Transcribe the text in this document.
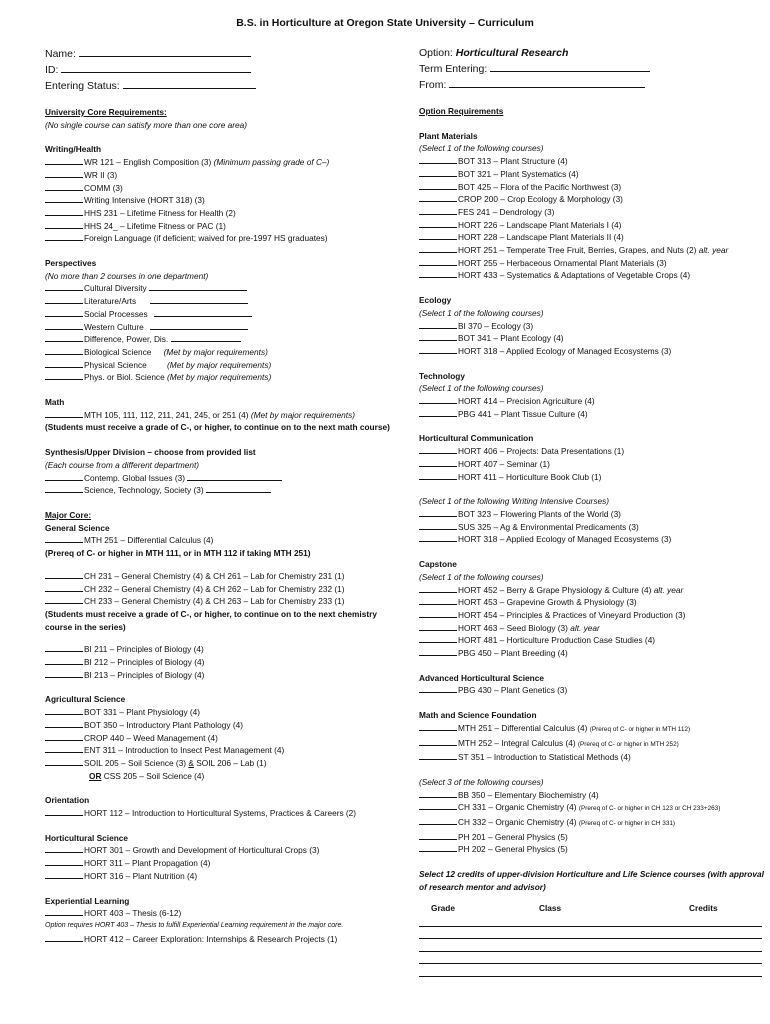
B.S. in Horticulture at Oregon State University – Curriculum
Name:
ID:
Entering Status:
University Core Requirements:
(No single course can satisfy more than one core area)
Writing/Health
WR 121 – English Composition (3) (Minimum passing grade of C–)
WR II (3)
COMM (3)
Writing Intensive (HORT 318) (3)
HHS 231 – Lifetime Fitness for Health (2)
HHS 24_ – Lifetime Fitness or PAC (1)
Foreign Language (if deficient; waived for pre-1997 HS graduates)
Perspectives
(No more than 2 courses in one department)
Cultural Diversity
Literature/Arts
Social Processes
Western Culture
Difference, Power, Dis.
Biological Science (Met by major requirements)
Physical Science (Met by major requirements)
Phys. or Biol. Science (Met by major requirements)
Math
MTH 105, 111, 112, 211, 241, 245, or 251 (4) (Met by major requirements)
(Students must receive a grade of C-, or higher, to continue on to the next math course)
Synthesis/Upper Division – choose from provided list
(Each course from a different department)
Contemp. Global Issues (3)
Science, Technology, Society (3)
Major Core:
General Science
MTH 251 – Differential Calculus (4)
(Prereq of C- or higher in MTH 111, or in MTH 112 if taking MTH 251)
CH 231 – General Chemistry (4) & CH 261 – Lab for Chemistry 231 (1)
CH 232 – General Chemistry (4) & CH 262 – Lab for Chemistry 232 (1)
CH 233 – General Chemistry (4) & CH 263 – Lab for Chemistry 233 (1)
(Students must receive a grade of C-, or higher, to continue on to the next chemistry course in the series)
BI 211 – Principles of Biology (4)
BI 212 – Principles of Biology (4)
BI 213 – Principles of Biology (4)
Agricultural Science
BOT 331 – Plant Physiology (4)
BOT 350 – Introductory Plant Pathology (4)
CROP 440 – Weed Management (4)
ENT 311 – Introduction to Insect Pest Management (4)
SOIL 205 – Soil Science (3) & SOIL 206 – Lab (1)
OR CSS 205 – Soil Science (4)
Orientation
HORT 112 – Introduction to Horticultural Systems, Practices & Careers (2)
Horticultural Science
HORT 301 – Growth and Development of Horticultural Crops (3)
HORT 311 – Plant Propagation (4)
HORT 316 – Plant Nutrition (4)
Experiential Learning
HORT 403 – Thesis (6-12)
Option requires HORT 403 – Thesis to fulfill Experiential Learning requirement in the major core.
HORT 412 – Career Exploration: Internships & Research Projects (1)
Option: Horticultural Research
Term Entering:
From:
Option Requirements
Plant Materials
(Select 1 of the following courses)
BOT 313 – Plant Structure (4)
BOT 321 – Plant Systematics (4)
BOT 425 – Flora of the Pacific Northwest (3)
CROP 200 – Crop Ecology & Morphology (3)
FES 241 – Dendrology (3)
HORT 226 – Landscape Plant Materials I (4)
HORT 228 – Landscape Plant Materials II (4)
HORT 251 – Temperate Tree Fruit, Berries, Grapes, and Nuts (2) alt. year
HORT 255 – Herbaceous Ornamental Plant Materials (3)
HORT 433 – Systematics & Adaptations of Vegetable Crops (4)
Ecology
(Select 1 of the following courses)
BI 370 – Ecology (3)
BOT 341 – Plant Ecology (4)
HORT 318 – Applied Ecology of Managed Ecosystems (3)
Technology
(Select 1 of the following courses)
HORT 414 – Precision Agriculture (4)
PBG 441 – Plant Tissue Culture (4)
Horticultural Communication
HORT 406 – Projects: Data Presentations (1)
HORT 407 – Seminar (1)
HORT 411 – Horticulture Book Club (1)
(Select 1 of the following Writing Intensive Courses)
BOT 323 – Flowering Plants of the World (3)
SUS 325 – Ag & Environmental Predicaments (3)
HORT 318 – Applied Ecology of Managed Ecosystems (3)
Capstone
(Select 1 of the following courses)
HORT 452 – Berry & Grape Physiology & Culture (4) alt. year
HORT 453 – Grapevine Growth & Physiology (3)
HORT 454 – Principles & Practices of Vineyard Production (3)
HORT 463 – Seed Biology (3) alt. year
HORT 481 – Horticulture Production Case Studies (4)
PBG 450 – Plant Breeding (4)
Advanced Horticultural Science
PBG 430 – Plant Genetics (3)
Math and Science Foundation
MTH 251 – Differential Calculus (4) (Prereq of C- or higher in MTH 112)
MTH 252 – Integral Calculus (4) (Prereq of C- or higher in MTH 252)
ST 351 – Introduction to Statistical Methods (4)
(Select 3 of the following courses)
BB 350 – Elementary Biochemistry (4)
CH 331 – Organic Chemistry (4) (Prereq of C- or higher in CH 123 or CH 233+263)
CH 332 – Organic Chemistry (4) (Prereq of C- or higher in CH 331)
PH 201 – General Physics (5)
PH 202 – General Physics (5)
Select 12 credits of upper-division Horticulture and Life Science courses (with approval of research mentor and advisor)
Grade	Class	Credits
